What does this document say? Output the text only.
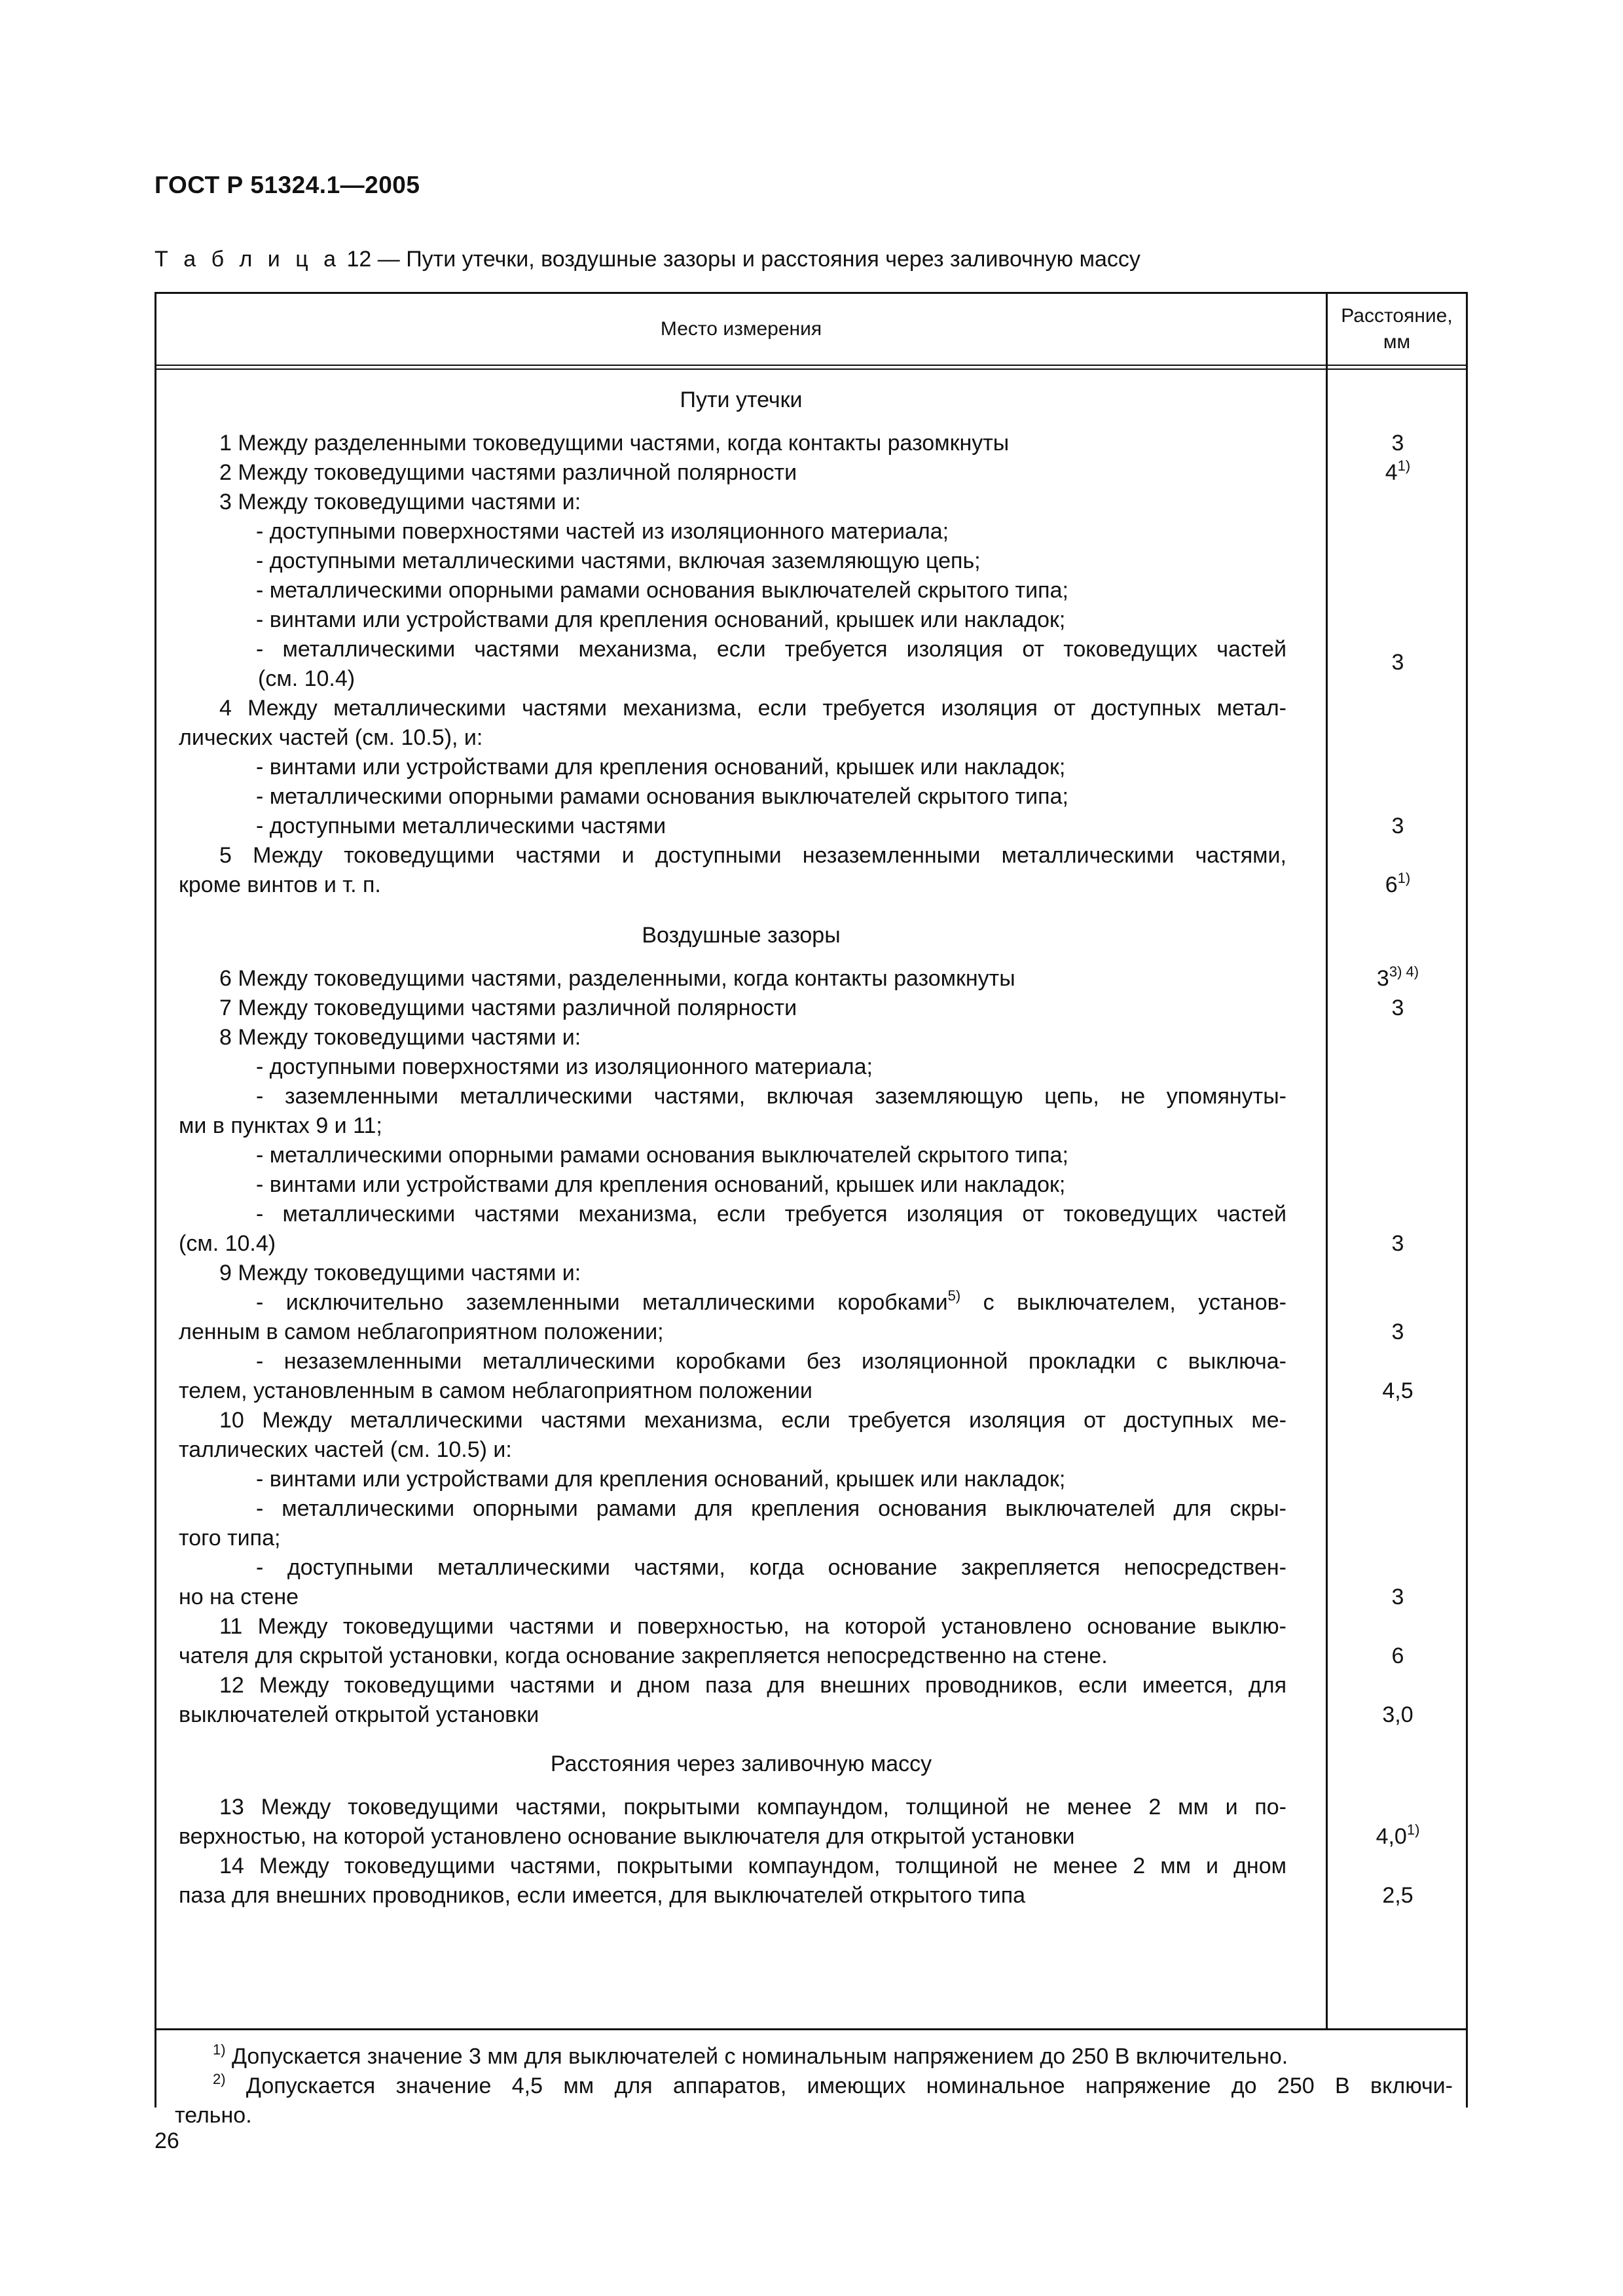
ГОСТ Р 51324.1—2005
Т а б л и ц а 12 — Пути утечки, воздушные зазоры и расстояния через заливочную массу
Место измерения
Расстояние,
мм
Пути утечки
1 Между разделенными токоведущими частями, когда контакты разомкнуты
2 Между токоведущими частями различной полярности
3 Между токоведущими частями и:
- доступными поверхностями частей из изоляционного материала;
- доступными металлическими частями, включая заземляющую цепь;
- металлическими опорными рамами основания выключателей скрытого типа;
- винтами или устройствами для крепления оснований, крышек или накладок;
- металлическими частями механизма, если требуется изоляция от токоведущих частей
(см. 10.4)
4 Между металлическими частями механизма, если требуется изоляция от доступных метал-
лических частей (см. 10.5), и:
- винтами или устройствами для крепления оснований, крышек или накладок;
- металлическими опорными рамами основания выключателей скрытого типа;
- доступными металлическими частями
5 Между токоведущими частями и доступными незаземленными металлическими частями,
кроме винтов и т. п.
Воздушные зазоры
6 Между токоведущими частями, разделенными, когда контакты разомкнуты
7 Между токоведущими частями различной полярности
8 Между токоведущими частями и:
- доступными поверхностями из изоляционного материала;
- заземленными металлическими частями, включая заземляющую цепь, не упомянуты-
ми в пунктах 9 и 11;
- металлическими опорными рамами основания выключателей скрытого типа;
- винтами или устройствами для крепления оснований, крышек или накладок;
- металлическими частями механизма, если требуется изоляция от токоведущих частей
(см. 10.4)
9 Между токоведущими частями и:
- исключительно заземленными металлическими коробками$^{5)}$ с выключателем, установ-
ленным в самом неблагоприятном положении;
- незаземленными металлическими коробками без изоляционной прокладки с выключа-
телем, установленным в самом неблагоприятном положении
10 Между металлическими частями механизма, если требуется изоляция от доступных ме-
таллических частей (см. 10.5) и:
- винтами или устройствами для крепления оснований, крышек или накладок;
- металлическими опорными рамами для крепления основания выключателей для скры-
того типа;
- доступными металлическими частями, когда основание закрепляется непосредствен-
но на стене
11 Между токоведущими частями и поверхностью, на которой установлено основание выклю-
чателя для скрытой установки, когда основание закрепляется непосредственно на стене.
12 Между токоведущими частями и дном паза для внешних проводников, если имеется, для
выключателей открытой установки
Расстояния через заливочную массу
13 Между токоведущими частями, покрытыми компаундом, толщиной не менее 2 мм и по-
верхностью, на которой установлено основание выключателя для открытой установки
14 Между токоведущими частями, покрытыми компаундом, толщиной не менее 2 мм и дном
паза для внешних проводников, если имеется, для выключателей открытого типа
3
4$^{1)}$
3
3
6$^{1)}$
$3^{3) 4)}$
3
3
3
4,5
3
6
3,0
4,0$^{1)}$
2,5
$^{1)}$ Допускается значение 3 мм для выключателей с номинальным напряжением до 250 В включительно.
$^{2)}$ Допускается значение 4,5 мм для аппаратов, имеющих номинальное напряжение до 250 В включи-
тельно.
26
